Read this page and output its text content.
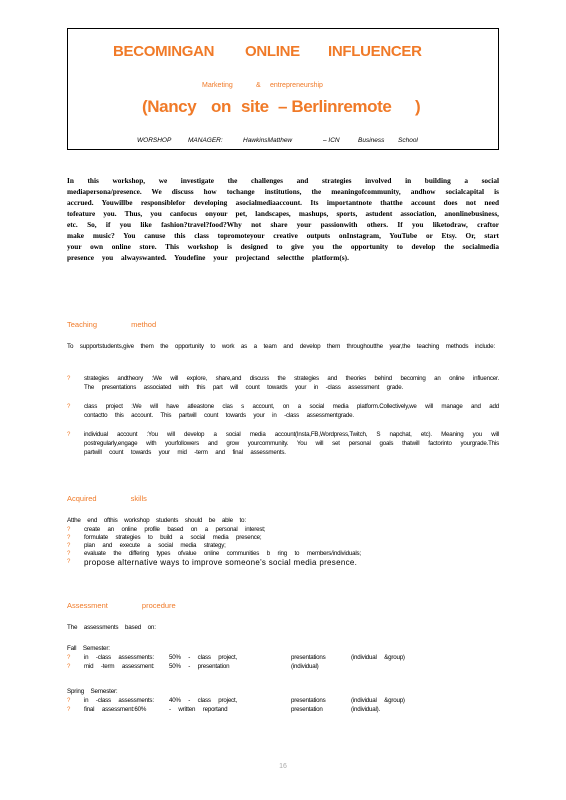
BECOMINGAN ONLINE INFLUENCER
Marketing	& entrepreneurship
(Nancy on site – Berlinremote )
WORSHOP	MANAGER:	HawkinsMatthew	– ICN	Business School
In this workshop, we investigate the challenges and strategies involved in building a social mediapersona/presence. We discuss how tochange institutions, the meaningofcommunity, andhow socialcapital is accrued. Youwillbe responsiblefor developing asocialmediaaccount. Its importantnote thatthe account does not need tofeature you. Thus, you canfocus onyour pet, landscapes, mashups, sports, astudent association, anonlinebusiness, etc. So, if you like fashion?travel?food?Why not share your passionwith others. If you liketodraw, craftor make music? You canuse this class topromoteyour creative outputs onInstagram, YouTube or Etsy. Or, start your own online store. This workshop is designed to give you the opportunity to develop the socialmedia presence you alwayswanted. Youdefine your projectand selectthe platform(s).
Teaching method
To supportstudents,give them the opportunity to work as a team and develop them throughoutthe year,the teaching methods include:
? strategies andtheory :We will explore, share,and discuss the strategies and theories behind becoming an online influencer. The presentations associated with this part will count towards your in -class assessment grade.
? class project :We will have atleastone clas s account, on a social media platform.Collectively,we will manage and add contactto this account. This partwill count towards your in -class assessmentgrade.
? individual account :You will develop a social media account(Insta,FB,Wordpress,Twitch, S napchat, etc). Meaning you will postregularly,engage with yourfollowers and grow yourcommunity. You will set personal goals thatwill factorinto yourgrade.This partwill count towards your mid -term and final assessments.
Acquired skills
Atthe end ofthis workshop students should be able to:
? create an online profile based on a personal interest;
? formulate strategies to build a social media presence;
? plan and execute a social media strategy;
? evaluate the differing types ofvalue online communities b ring to members/individuals;
? propose alternative ways to improve someone's social media presence.
Assessment procedure
The assessments based on:
Fall Semester:
? in -class assessments: 50% - class project,	presentations	(individual &group)
? mid -term assessment: 50% - presentation	(individual)
Spring Semester:
? in -class assessments: 40% - class project,	presentations	(individual &group)
? final assessment:60%	- written reportand	presentation	(individual).
16
